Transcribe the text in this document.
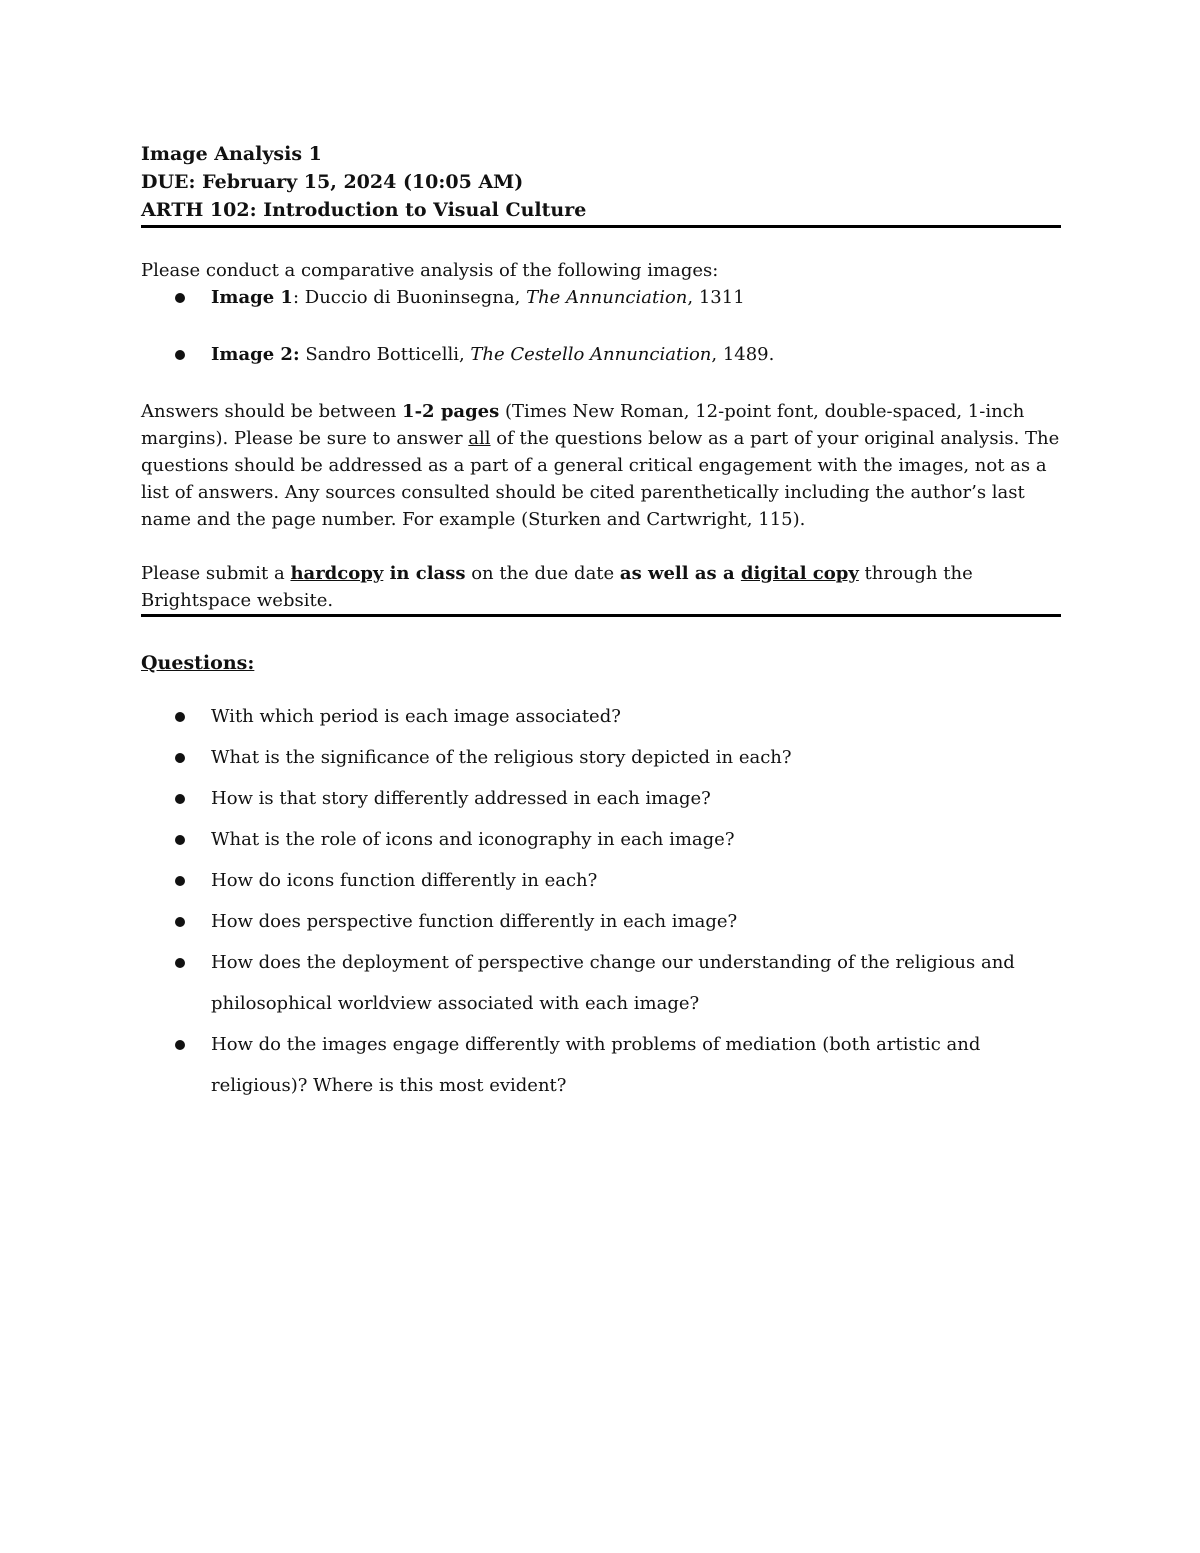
Image Analysis 1

DUE: February 15, 2024 (10:05 AM)

ARTH 102: Introduction to Visual Culture

Please conduct a comparative analysis of the following images:

Image 1: Duccio di Buoninsegna, The Annunciation, 1311
Image 2: Sandro Botticelli, The Cestello Annunciation, 1489.

Answers should be between 1-2 pages (Times New Roman, 12-point font, double-spaced, 1-inch margins). Please be sure to answer all of the questions below as a part of your original analysis. The questions should be addressed as a part of a general critical engagement with the images, not as a list of answers. Any sources consulted should be cited parenthetically including the author’s last name and the page number. For example (Sturken and Cartwright, 115).

Please submit a hardcopy in class on the due date as well as a digital copy through the Brightspace website.

Questions:

With which period is each image associated?
What is the significance of the religious story depicted in each?
How is that story differently addressed in each image?
What is the role of icons and iconography in each image?
How do icons function differently in each?
How does perspective function differently in each image?
How does the deployment of perspective change our understanding of the religious and philosophical worldview associated with each image?
How do the images engage differently with problems of mediation (both artistic and religious)? Where is this most evident?
